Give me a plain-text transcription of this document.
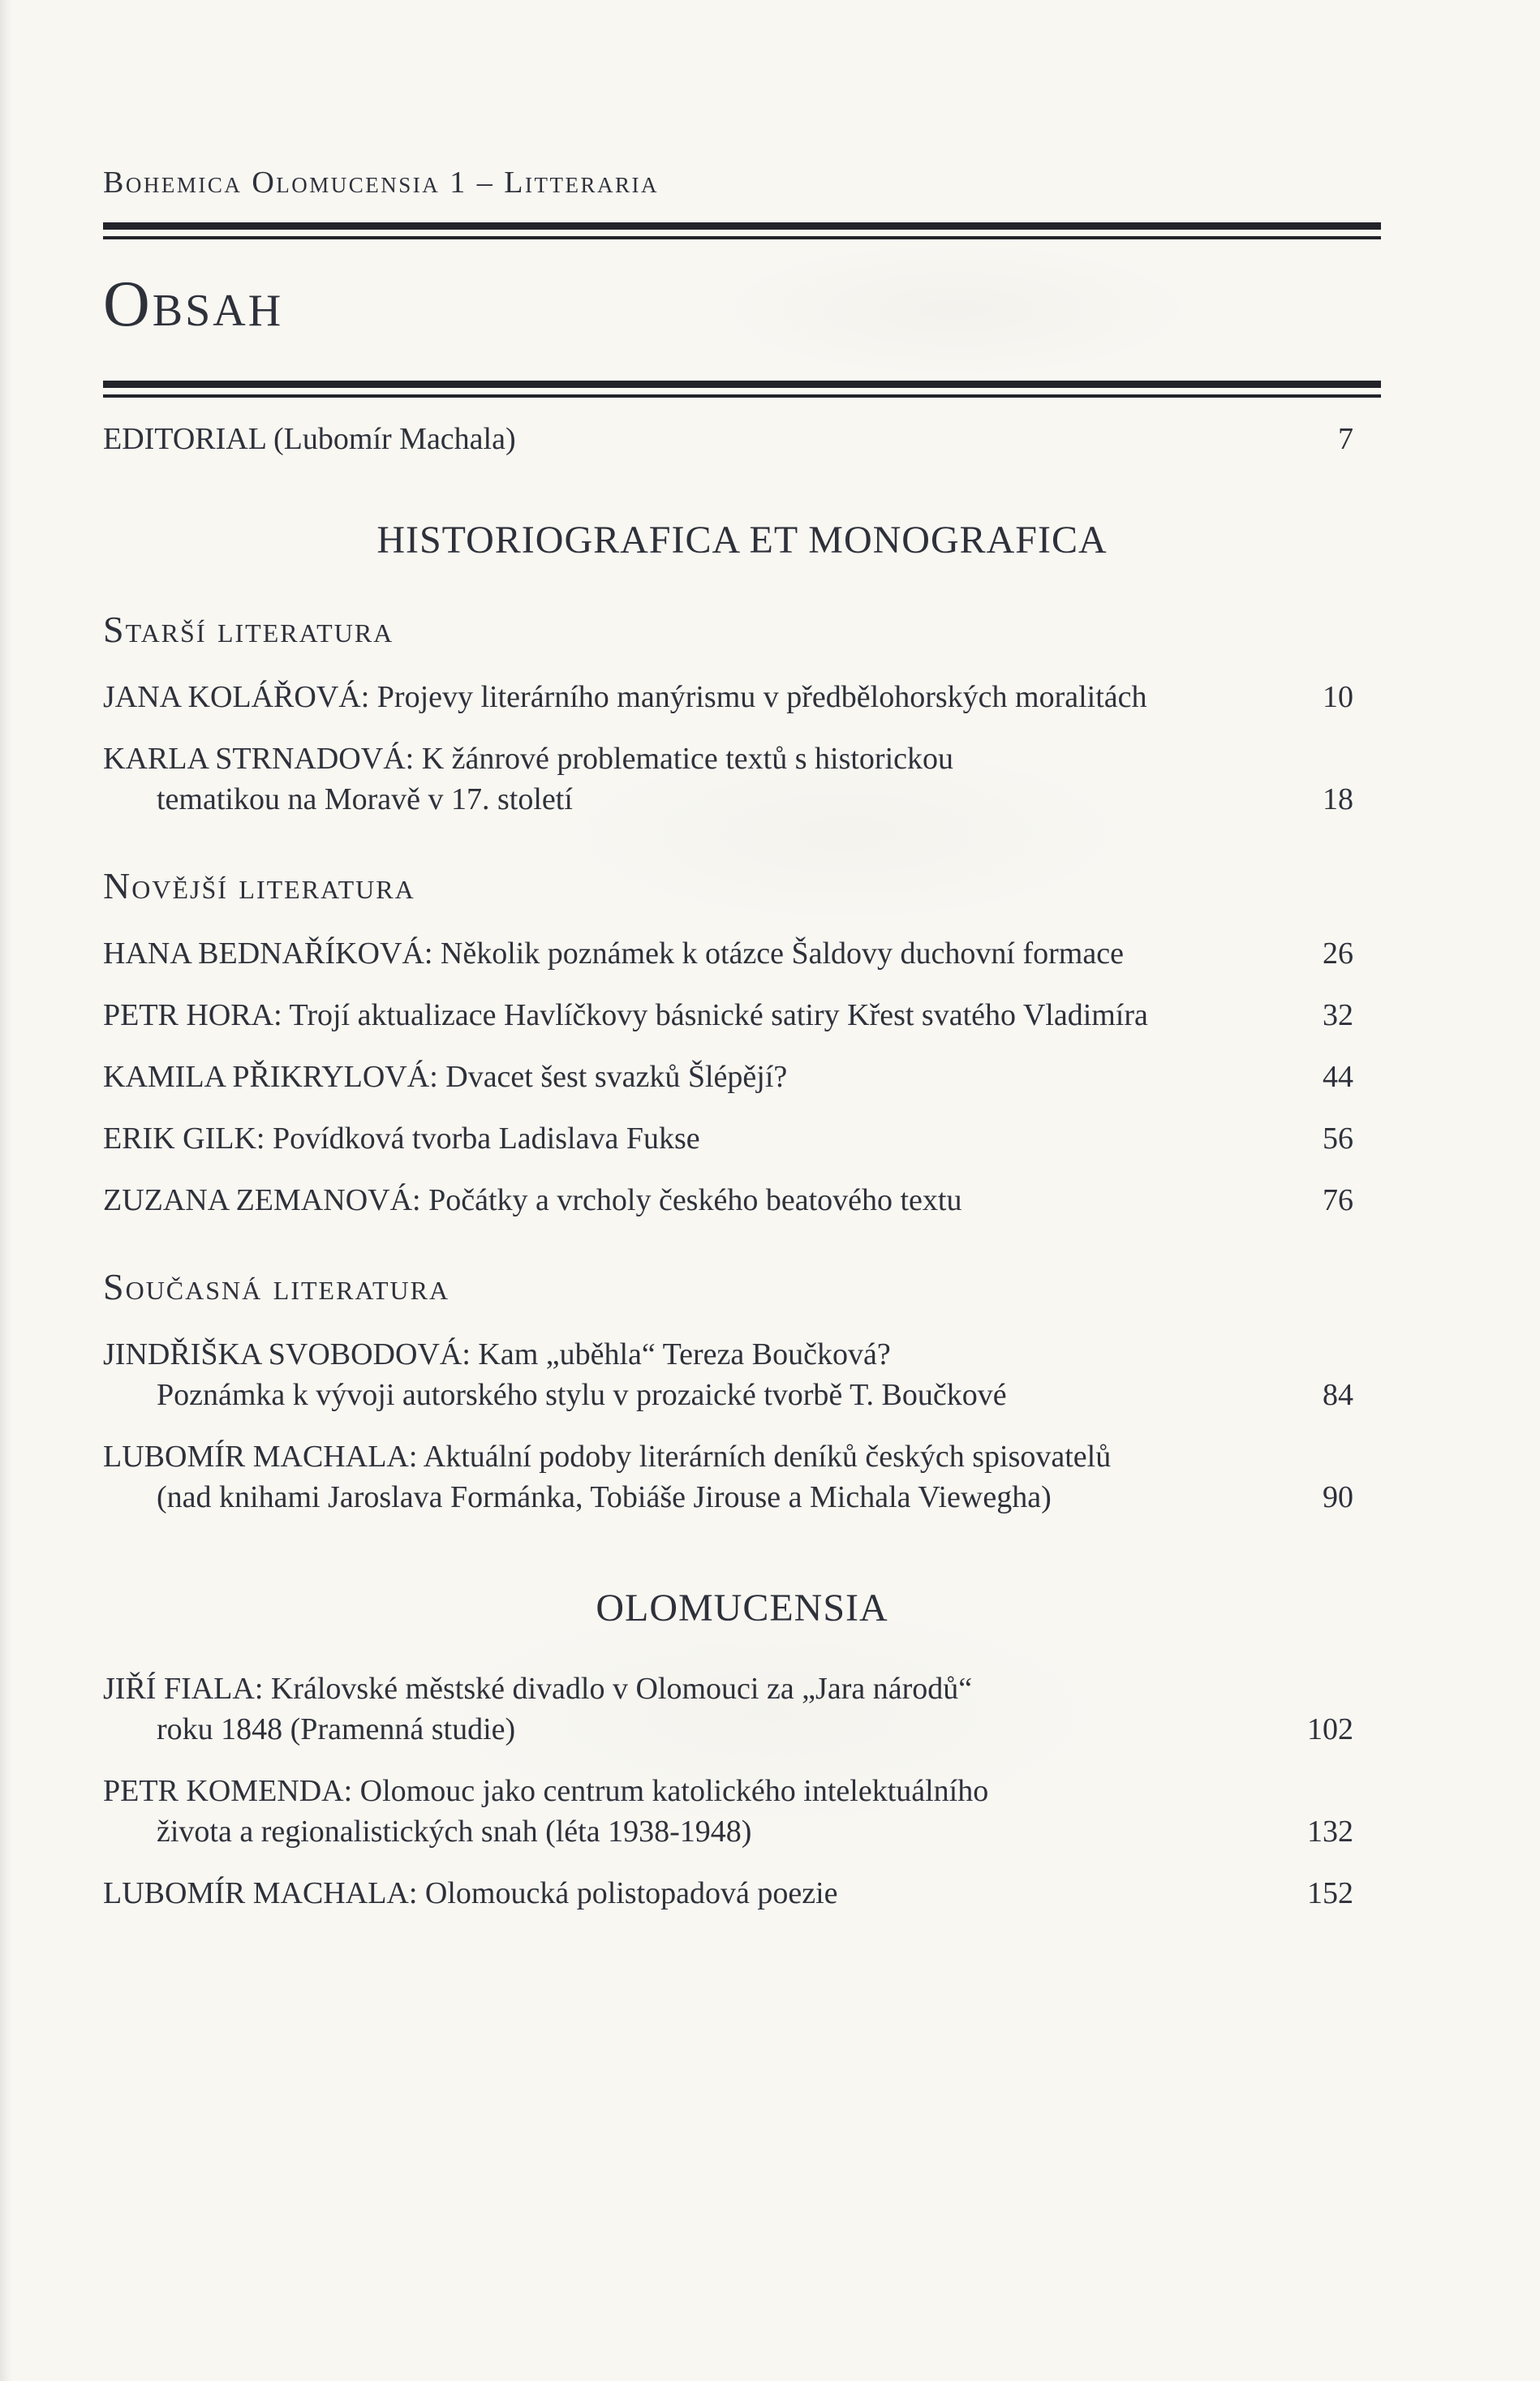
Bohemica Olomucensia 1 – Litteraria
Obsah
EDITORIAL (Lubomír Machala)	7
HISTORIOGRAFICA ET MONOGRAFICA
Starší literatura
JANA KOLÁŘOVÁ: Projevy literárního manýrismu v předbělohorských moralitách	10
KARLA STRNADOVÁ: K žánrové problematice textů s historickou
tematikou na Moravě v 17. století	18
Novější literatura
HANA BEDNAŘÍKOVÁ: Několik poznámek k otázce Šaldovy duchovní formace	26
PETR HORA: Trojí aktualizace Havlíčkovy básnické satiry Křest svatého Vladimíra	32
KAMILA PŘIKRYLOVÁ: Dvacet šest svazků Šlépějí?	44
ERIK GILK: Povídková tvorba Ladislava Fukse	56
ZUZANA ZEMANOVÁ: Počátky a vrcholy českého beatového textu	76
Současná literatura
JINDŘIŠKA SVOBODOVÁ: Kam „uběhla“ Tereza Boučková?
Poznámka k vývoji autorského stylu v prozaické tvorbě T. Boučkové	84
LUBOMÍR MACHALA: Aktuální podoby literárních deníků českých spisovatelů
(nad knihami Jaroslava Formánka, Tobiáše Jirouse a Michala Viewegha)	90
OLOMUCENSIA
JIŘÍ FIALA: Královské městské divadlo v Olomouci za „Jara národů“
roku 1848 (Pramenná studie)	102
PETR KOMENDA: Olomouc jako centrum katolického intelektuálního
života a regionalistických snah (léta 1938-1948)	132
LUBOMÍR MACHALA: Olomoucká polistopadová poezie	152
